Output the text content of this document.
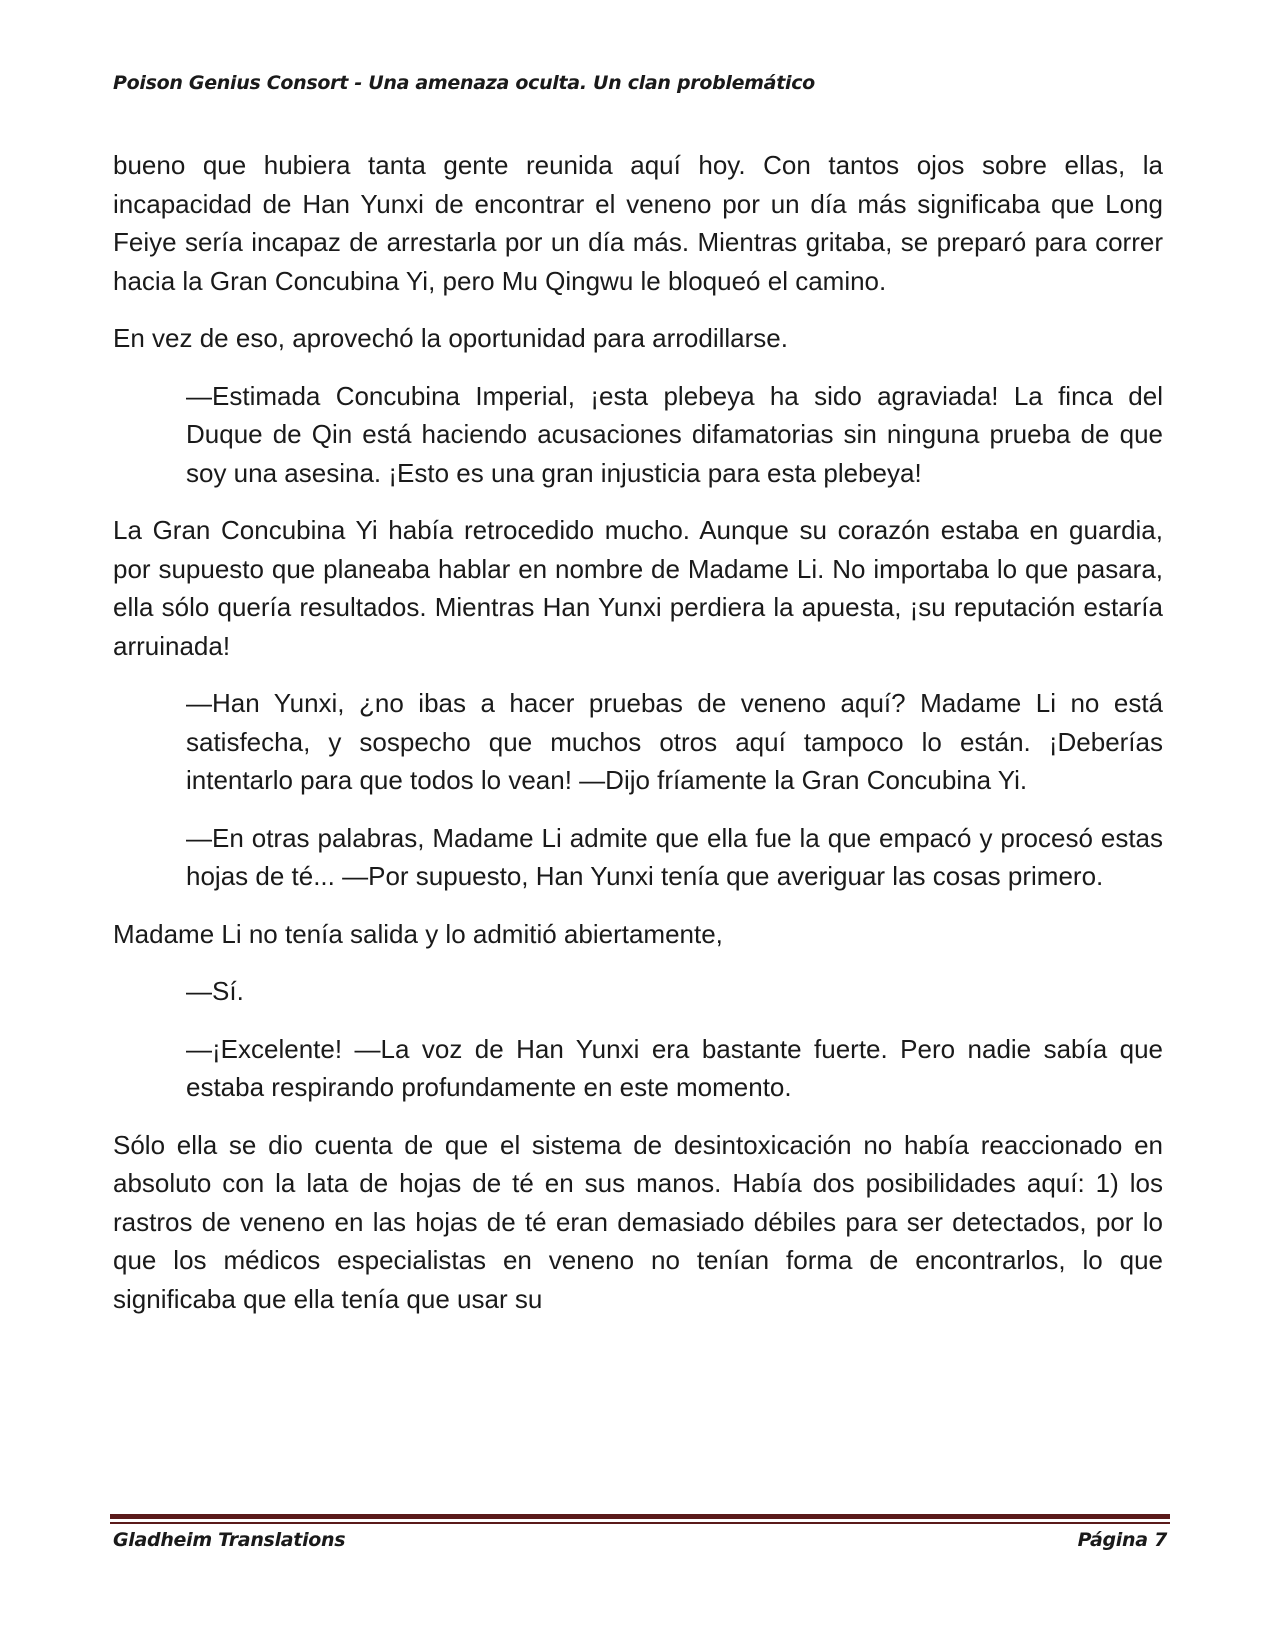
Poison Genius Consort - Una amenaza oculta. Un clan problemático

bueno que hubiera tanta gente reunida aquí hoy. Con tantos ojos sobre ellas, la incapacidad de Han Yunxi de encontrar el veneno por un día más significaba que Long Feiye sería incapaz de arrestarla por un día más. Mientras gritaba, se preparó para correr hacia la Gran Concubina Yi, pero Mu Qingwu le bloqueó el camino.

En vez de eso, aprovechó la oportunidad para arrodillarse.

—Estimada Concubina Imperial, ¡esta plebeya ha sido agraviada! La finca del Duque de Qin está haciendo acusaciones difamatorias sin ninguna prueba de que soy una asesina. ¡Esto es una gran injusticia para esta plebeya!

La Gran Concubina Yi había retrocedido mucho. Aunque su corazón estaba en guardia, por supuesto que planeaba hablar en nombre de Madame Li. No importaba lo que pasara, ella sólo quería resultados. Mientras Han Yunxi perdiera la apuesta, ¡su reputación estaría arruinada!

—Han Yunxi, ¿no ibas a hacer pruebas de veneno aquí? Madame Li no está satisfecha, y sospecho que muchos otros aquí tampoco lo están. ¡Deberías intentarlo para que todos lo vean! —Dijo fríamente la Gran Concubina Yi.

—En otras palabras, Madame Li admite que ella fue la que empacó y procesó estas hojas de té... —Por supuesto, Han Yunxi tenía que averiguar las cosas primero.

Madame Li no tenía salida y lo admitió abiertamente,

—Sí.

—¡Excelente! —La voz de Han Yunxi era bastante fuerte. Pero nadie sabía que estaba respirando profundamente en este momento.

Sólo ella se dio cuenta de que el sistema de desintoxicación no había reaccionado en absoluto con la lata de hojas de té en sus manos. Había dos posibilidades aquí: 1) los rastros de veneno en las hojas de té eran demasiado débiles para ser detectados, por lo que los médicos especialistas en veneno no tenían forma de encontrarlos, lo que significaba que ella tenía que usar su

Gladheim Translations	Página 7
